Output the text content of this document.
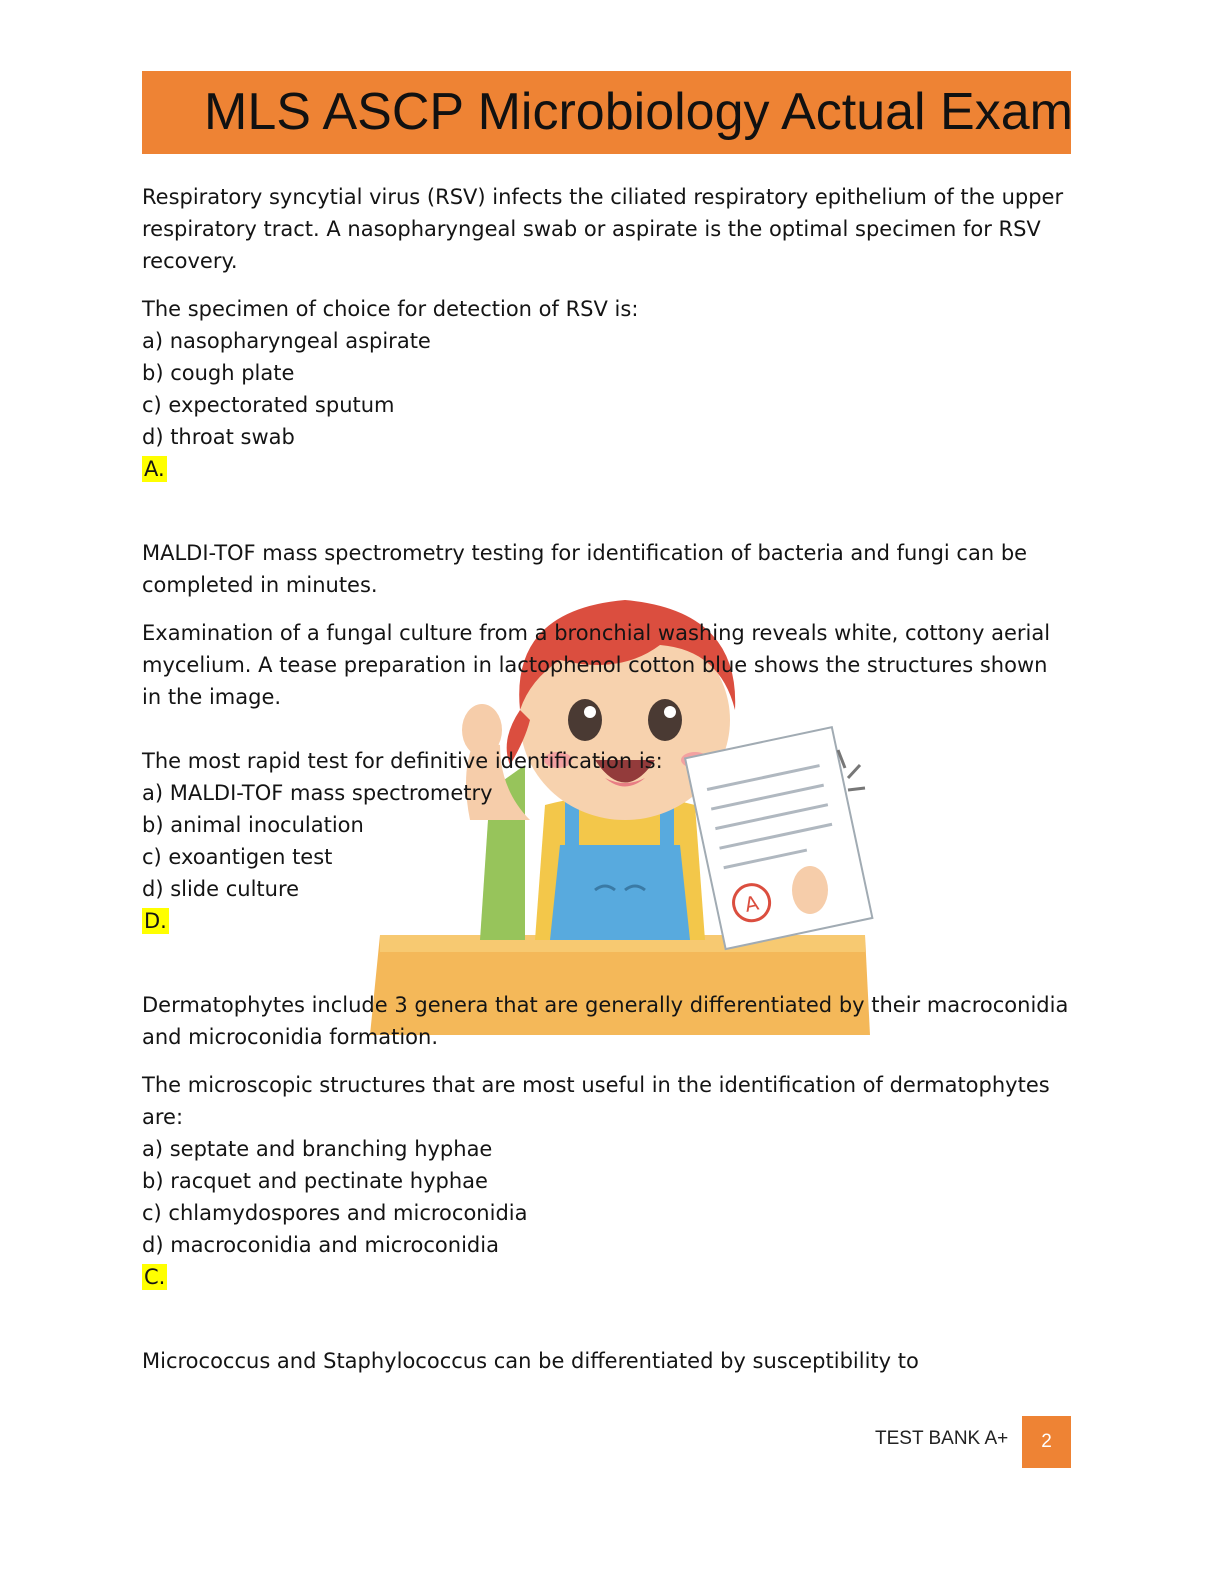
MLS ASCP Microbiology Actual Exam
A

Respiratory syncytial virus (RSV) infects the ciliated respiratory epithelium of the upper respiratory tract. A nasopharyngeal swab or aspirate is the optimal specimen for RSV recovery.

The specimen of choice for detection of RSV is:

a) nasopharyngeal aspirate

b) cough plate

c) expectorated sputum

d) throat swab

A.

MALDI-TOF mass spectrometry testing for identification of bacteria and fungi can be completed in minutes.

Examination of a fungal culture from a bronchial washing reveals white, cottony aerial mycelium. A tease preparation in lactophenol cotton blue shows the structures shown in the image.

The most rapid test for definitive identification is:

a) MALDI-TOF mass spectrometry

b) animal inoculation

c) exoantigen test

d) slide culture

D.

Dermatophytes include 3 genera that are generally differentiated by their macroconidia and microconidia formation.

The microscopic structures that are most useful in the identification of dermatophytes are:

a) septate and branching hyphae

b) racquet and pectinate hyphae

c) chlamydospores and microconidia

d) macroconidia and microconidia

C.

Micrococcus and Staphylococcus can be differentiated by susceptibility to

TEST BANK A+	2
